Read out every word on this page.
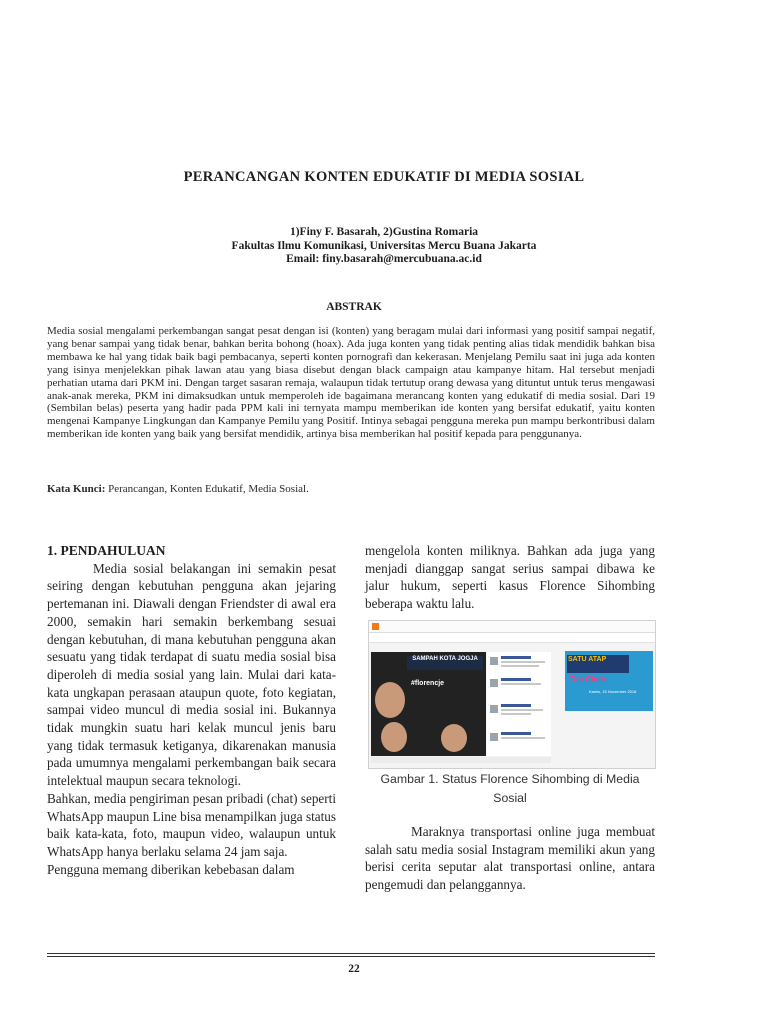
PERANCANGAN KONTEN EDUKATIF DI MEDIA SOSIAL
1)Finy F. Basarah, 2)Gustina Romaria
Fakultas Ilmu Komunikasi, Universitas Mercu Buana Jakarta
Email: finy.basarah@mercubuana.ac.id
ABSTRAK
Media sosial mengalami perkembangan sangat pesat dengan isi (konten) yang beragam mulai dari informasi yang positif sampai negatif, yang benar sampai yang tidak benar, bahkan berita bohong (hoax). Ada juga konten yang tidak penting alias tidak mendidik bahkan bisa membawa ke hal yang tidak baik bagi pembacanya, seperti konten pornografi dan kekerasan. Menjelang Pemilu saat ini juga ada konten yang isinya menjelekkan pihak lawan atau yang biasa disebut dengan black campaign atau kampanye hitam. Hal tersebut menjadi perhatian utama dari PKM ini. Dengan target sasaran remaja, walaupun tidak tertutup orang dewasa yang dituntut untuk terus mengawasi anak-anak mereka, PKM ini dimaksudkan untuk memperoleh ide bagaimana merancang konten yang edukatif di media sosial. Dari 19 (Sembilan belas) peserta yang hadir pada PPM kali ini ternyata mampu memberikan ide konten yang bersifat edukatif, yaitu konten mengenai Kampanye Lingkungan dan Kampanye Pemilu yang Positif. Intinya sebagai pengguna mereka pun mampu berkontribusi dalam memberikan ide konten yang baik yang bersifat mendidik, artinya bisa memberikan hal positif kepada para penggunanya.
Kata Kunci: Perancangan, Konten Edukatif, Media Sosial.

1. PENDAHULUAN

Media sosial belakangan ini semakin pesat seiring dengan kebutuhan pengguna akan jejaring pertemanan ini. Diawali dengan Friendster di awal era 2000, semakin hari semakin berkembang sesuai dengan kebutuhan, di mana kebutuhan pengguna akan sesuatu yang tidak terdapat di suatu media sosial bisa diperoleh di media sosial yang lain. Mulai dari kata-kata ungkapan perasaan ataupun quote, foto kegiatan, sampai video muncul di media sosial ini. Bukannya tidak mungkin suatu hari kelak muncul jenis baru yang tidak termasuk ketiganya, dikarenakan manusia pada umumnya mengalami perkembangan baik secara intelektual maupun secara teknologi.

Bahkan, media pengiriman pesan pribadi (chat) seperti WhatsApp maupun Line bisa menampilkan juga status baik kata-kata, foto, maupun video, walaupun untuk WhatsApp hanya berlaku selama 24 jam saja.

Pengguna memang diberikan kebebasan dalam

mengelola konten miliknya. Bahkan ada juga yang menjadi dianggap sangat serius sampai dibawa ke jalur hukum, seperti kasus Florence Sihombing beberapa waktu lalu.

SAMPAH KOTA JOGJA
#florencje
SATU ATAP
Tita Cinta
Kamis, 15 November 2018
Gambar 1. Status Florence Sihombing di Media Sosial

Maraknya transportasi online juga membuat salah satu media sosial Instagram memiliki akun yang berisi cerita seputar alat transportasi online, antara pengemudi dan pelanggannya.

22
